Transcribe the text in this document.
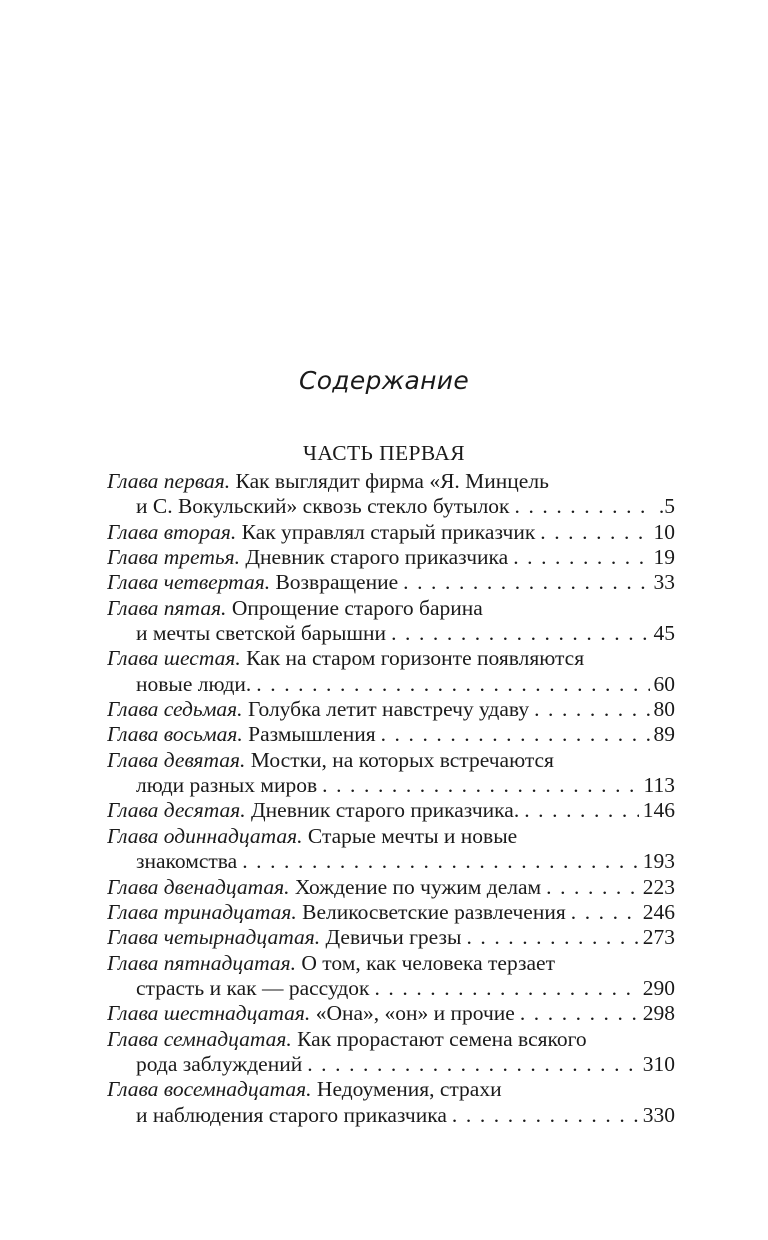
Содержание
ЧАСТЬ ПЕРВАЯ
Глава первая.
Как выглядит фирма «Я. Минцель
и С. Вокульский» сквозь стекло бутылок . . .	.5
Глава вторая.
Как управлял старый приказчик . . .	10
Глава третья.
Дневник старого приказчика . . .	19
Глава четвертая.
Возвращение . . .	33
Глава пятая.
Опрощение старого барина
и мечты светской барышни . . .	45
Глава шестая.
Как на старом горизонте появляются
новые люди. . . .	60
Глава седьмая.
Голубка летит навстречу удаву . . .	80
Глава восьмая.
Размышления . . .	89
Глава девятая.
Мостки, на которых встречаются
люди разных миров . . .	113
Глава десятая.
Дневник старого приказчика. . . .	146
Глава одиннадцатая.
Старые мечты и новые
знакомства . . .	193
Глава двенадцатая.
Хождение по чужим делам . . .	223
Глава тринадцатая.
Великосветские развлечения . . .	246
Глава четырнадцатая.
Девичьи грезы . . .	273
Глава пятнадцатая.
О том, как человека терзает
страсть и как — рассудок . . .	290
Глава шестнадцатая.
«Она», «он» и прочие . . .	298
Глава семнадцатая.
Как прорастают семена всякого
рода заблуждений . . .	310
Глава восемнадцатая.
Недоумения, страхи
и наблюдения старого приказчика . . .	330
